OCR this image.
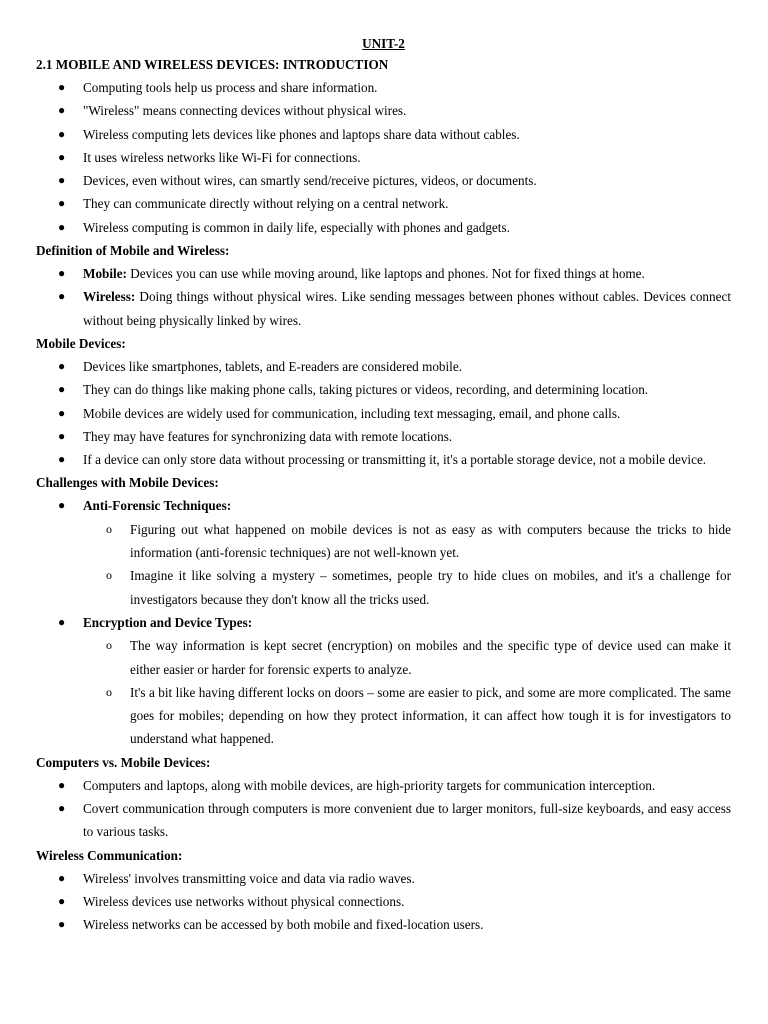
UNIT-2
2.1 MOBILE AND WIRELESS DEVICES: INTRODUCTION
● Computing tools help us process and share information.
● "Wireless" means connecting devices without physical wires.
● Wireless computing lets devices like phones and laptops share data without cables.
● It uses wireless networks like Wi-Fi for connections.
● Devices, even without wires, can smartly send/receive pictures, videos, or documents.
● They can communicate directly without relying on a central network.
● Wireless computing is common in daily life, especially with phones and gadgets.
Definition of Mobile and Wireless:
● Mobile: Devices you can use while moving around, like laptops and phones. Not for fixed things at home.
● Wireless: Doing things without physical wires. Like sending messages between phones without cables. Devices connect without being physically linked by wires.
Mobile Devices:
● Devices like smartphones, tablets, and E-readers are considered mobile.
● They can do things like making phone calls, taking pictures or videos, recording, and determining location.
● Mobile devices are widely used for communication, including text messaging, email, and phone calls.
● They may have features for synchronizing data with remote locations.
● If a device can only store data without processing or transmitting it, it's a portable storage device, not a mobile device.
Challenges with Mobile Devices:
● Anti-Forensic Techniques:
o Figuring out what happened on mobile devices is not as easy as with computers because the tricks to hide information (anti-forensic techniques) are not well-known yet.
o Imagine it like solving a mystery – sometimes, people try to hide clues on mobiles, and it's a challenge for investigators because they don't know all the tricks used.
● Encryption and Device Types:
o The way information is kept secret (encryption) on mobiles and the specific type of device used can make it either easier or harder for forensic experts to analyze.
o It's a bit like having different locks on doors – some are easier to pick, and some are more complicated. The same goes for mobiles; depending on how they protect information, it can affect how tough it is for investigators to understand what happened.
Computers vs. Mobile Devices:
● Computers and laptops, along with mobile devices, are high-priority targets for communication interception.
● Covert communication through computers is more convenient due to larger monitors, full-size keyboards, and easy access to various tasks.
Wireless Communication:
● Wireless' involves transmitting voice and data via radio waves.
● Wireless devices use networks without physical connections.
● Wireless networks can be accessed by both mobile and fixed-location users.
